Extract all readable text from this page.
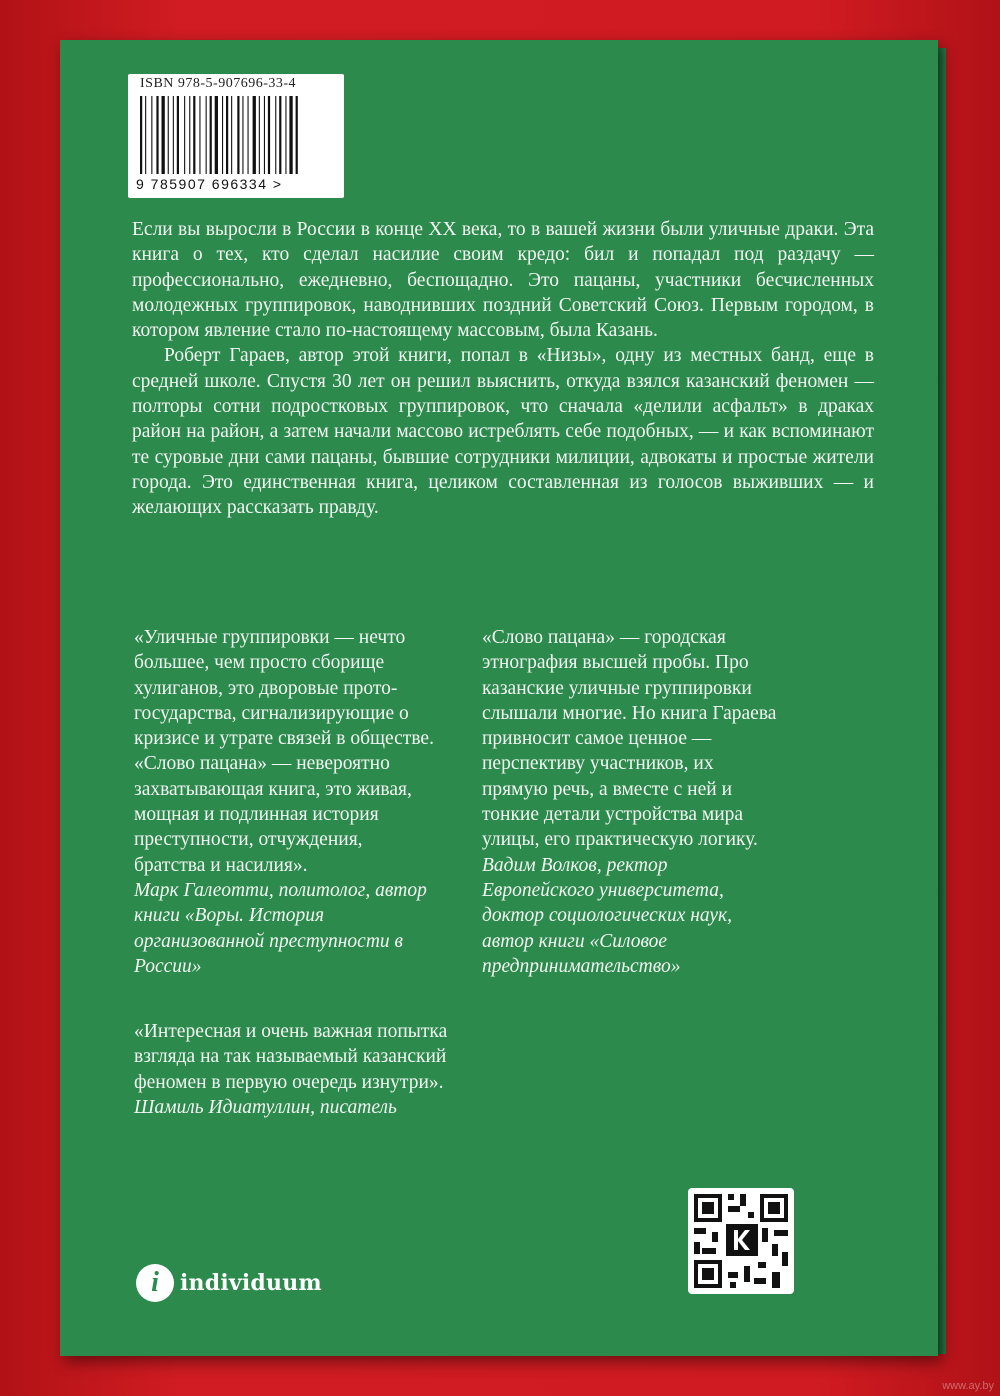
ISBN 978-5-907696-33-4
9 785907 696334 >

Если вы выросли в России в конце XX века, то в вашей жизни были уличные драки. Эта книга о тех, кто сделал насилие своим кредо: бил и попадал под раздачу — профессионально, ежедневно, беспощадно. Это пацаны, участники бесчисленных молодежных группировок, наводнивших поздний Советский Союз. Первым городом, в котором явление стало по-настоящему массовым, была Казань.

Роберт Гараев, автор этой книги, попал в «Низы», одну из местных банд, еще в средней школе. Спустя 30 лет он решил выяснить, откуда взялся казанский феномен — полторы сотни подростковых группировок, что сначала «делили асфальт» в драках район на район, а затем начали массово истреблять себе подобных, — и как вспоминают те суровые дни сами пацаны, бывшие сотрудники милиции, адвокаты и простые жители города. Это единственная книга, целиком составленная из голосов выживших — и желающих рассказать правду.

«Уличные группировки — нечто большее, чем просто сборище хулиганов, это дворовые прото-государства, сигнализирующие о кризисе и утрате связей в обществе. «Слово пацана» — невероятно захватывающая книга, это живая, мощная и подлинная история преступности, отчуждения, братства и насилия».

Марк Галеотти, политолог, автор книги «Воры. История организованной преступности в России»

«Слово пацана» — городская этнография высшей пробы. Про казанские уличные группировки слышали многие. Но книга Гараева привносит самое ценное — перспективу участников, их прямую речь, а вместе с ней и тонкие детали устройства мира улицы, его практическую логику.

Вадим Волков, ректор Европейского университета, доктор социологических наук, автор книги «Силовое предпринимательство»

«Интересная и очень важная попытка взгляда на так называемый казанский феномен в первую очередь изнутри».

Шамиль Идиатуллин, писатель

i individuum
www.ay.by
